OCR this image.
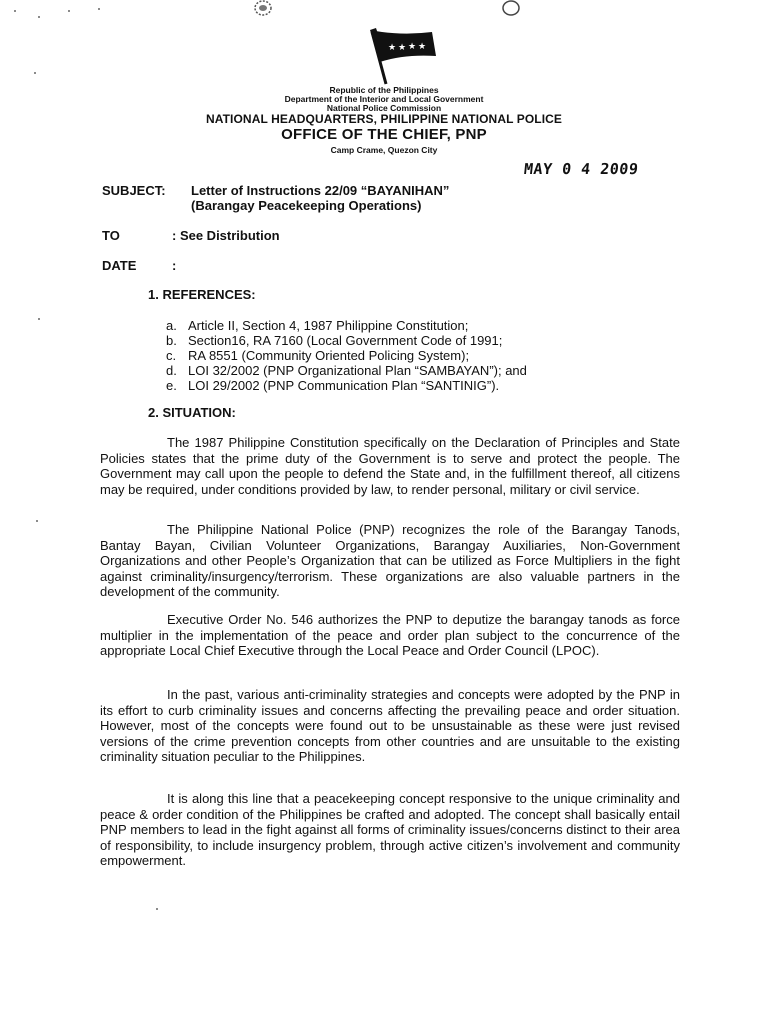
★ ★ ★ ★
Republic of the Philippines
Department of the Interior and Local Government
National Police Commission
NATIONAL HEADQUARTERS, PHILIPPINE NATIONAL POLICE
OFFICE OF THE CHIEF, PNP
Camp Crame, Quezon City
MAY 0 4 2009
SUBJECT: Letter of Instructions 22/09 “BAYANIHAN”
(Barangay Peacekeeping Operations)
TO	: See Distribution
DATE	:
1. REFERENCES:
a. Article II, Section 4, 1987 Philippine Constitution;
b. Section16, RA 7160 (Local Government Code of 1991;
c. RA 8551 (Community Oriented Policing System);
d. LOI 32/2002 (PNP Organizational Plan “SAMBAYAN”); and
e. LOI 29/2002 (PNP Communication Plan “SANTINIG”).
2. SITUATION:
The 1987 Philippine Constitution specifically on the Declaration of Principles and State Policies states that the prime duty of the Government is to serve and protect the people. The Government may call upon the people to defend the State and, in the fulfillment thereof, all citizens may be required, under conditions provided by law, to render personal, military or civil service.
The Philippine National Police (PNP) recognizes the role of the Barangay Tanods, Bantay Bayan, Civilian Volunteer Organizations, Barangay Auxiliaries, Non-Government Organizations and other People’s Organization that can be utilized as Force Multipliers in the fight against criminality/insurgency/terrorism. These organizations are also valuable partners in the development of the community.
Executive Order No. 546 authorizes the PNP to deputize the barangay tanods as force multiplier in the implementation of the peace and order plan subject to the concurrence of the appropriate Local Chief Executive through the Local Peace and Order Council (LPOC).
In the past, various anti-criminality strategies and concepts were adopted by the PNP in its effort to curb criminality issues and concerns affecting the prevailing peace and order situation. However, most of the concepts were found out to be unsustainable as these were just revised versions of the crime prevention concepts from other countries and are unsuitable to the existing criminality situation peculiar to the Philippines.
It is along this line that a peacekeeping concept responsive to the unique criminality and peace & order condition of the Philippines be crafted and adopted. The concept shall basically entail PNP members to lead in the fight against all forms of criminality issues/concerns distinct to their area of responsibility, to include insurgency problem, through active citizen’s involvement and community empowerment.
